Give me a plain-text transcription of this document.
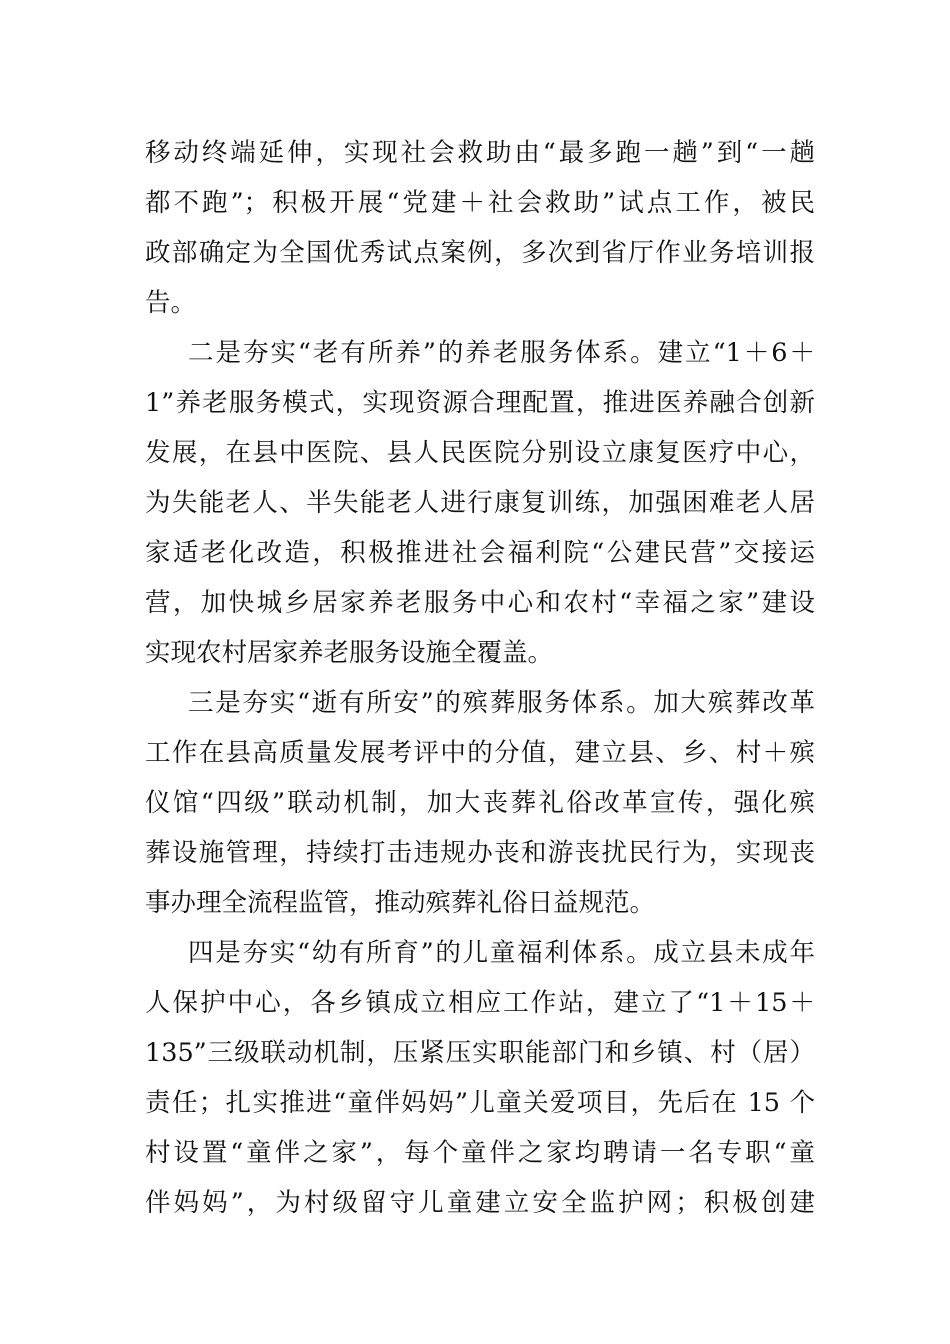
移动终端延伸，实现社会救助由“最多跑一趟”到“一趟
都不跑”；积极开展“党建＋社会救助”试点工作，被民
政部确定为全国优秀试点案例，多次到省厅作业务培训报
告。
二是夯实“老有所养”的养老服务体系。建立“1＋6＋
1”养老服务模式，实现资源合理配置，推进医养融合创新
发展，在县中医院、县人民医院分别设立康复医疗中心，
为失能老人、半失能老人进行康复训练，加强困难老人居
家适老化改造，积极推进社会福利院“公建民营”交接运
营，加快城乡居家养老服务中心和农村“幸福之家”建设
实现农村居家养老服务设施全覆盖。
三是夯实“逝有所安”的殡葬服务体系。加大殡葬改革
工作在县高质量发展考评中的分值，建立县、乡、村＋殡
仪馆“四级”联动机制，加大丧葬礼俗改革宣传，强化殡
葬设施管理，持续打击违规办丧和游丧扰民行为，实现丧
事办理全流程监管，推动殡葬礼俗日益规范。
四是夯实“幼有所育”的儿童福利体系。成立县未成年
人保护中心，各乡镇成立相应工作站，建立了“1＋15＋
135”三级联动机制，压紧压实职能部门和乡镇、村（居）
责任；扎实推进“童伴妈妈”儿童关爱项目，先后在 15 个
村设置“童伴之家”，每个童伴之家均聘请一名专职“童
伴妈妈”，为村级留守儿童建立安全监护网；积极创建
